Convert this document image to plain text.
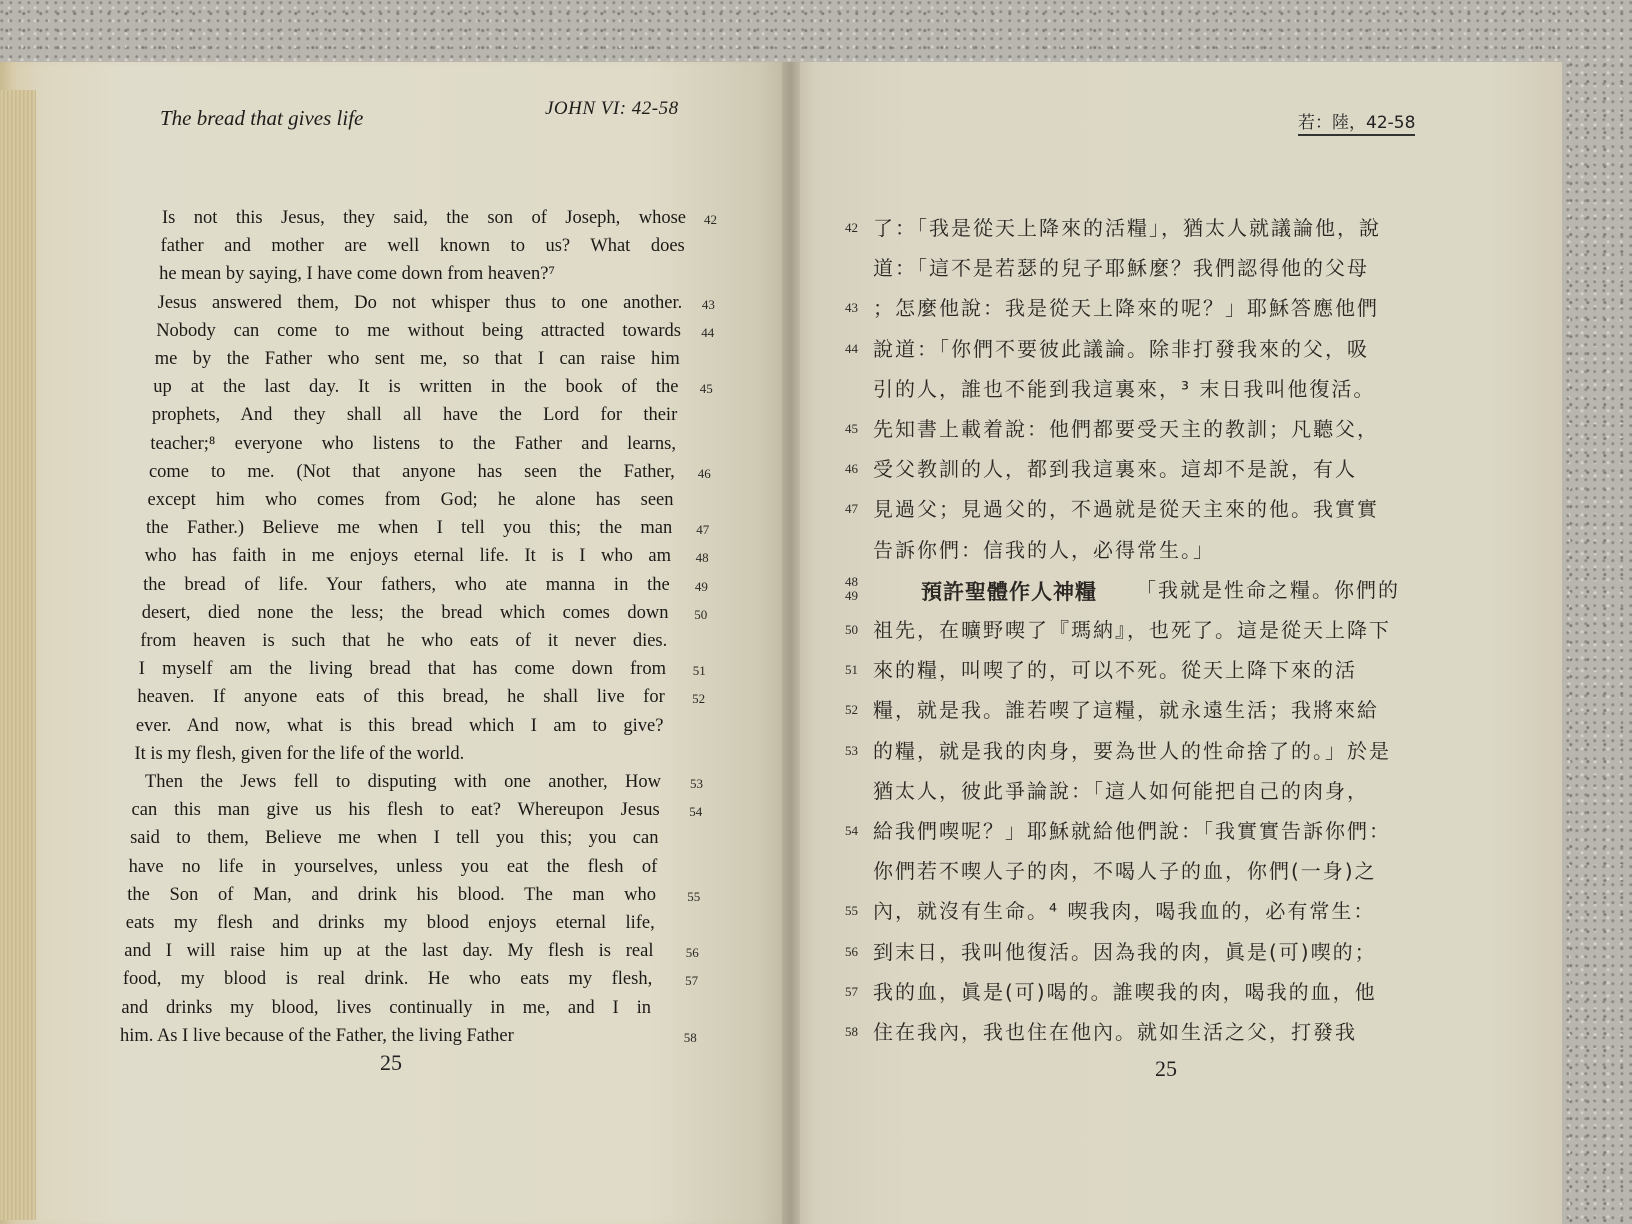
The bread that gives life	JOHN VI: 42-58
Is not this Jesus, they said, the son of Joseph, whose
father and mother are well known to us? What does
he mean by saying, I have come down from heaven?⁷
Jesus answered them, Do not whisper thus to one another.
Nobody can come to me without being attracted towards
me by the Father who sent me, so that I can raise him
up at the last day. It is written in the book of the
prophets, And they shall all have the Lord for their
teacher;⁸ everyone who listens to the Father and learns,
come to me. (Not that anyone has seen the Father,
except him who comes from God; he alone has seen
the Father.) Believe me when I tell you this; the man
who has faith in me enjoys eternal life. It is I who am
the bread of life. Your fathers, who ate manna in the
desert, died none the less; the bread which comes down
from heaven is such that he who eats of it never dies.
I myself am the living bread that has come down from
heaven. If anyone eats of this bread, he shall live for
ever. And now, what is this bread which I am to give?
It is my flesh, given for the life of the world.
Then the Jews fell to disputing with one another, How
can this man give us his flesh to eat? Whereupon Jesus
said to them, Believe me when I tell you this; you can
have no life in yourselves, unless you eat the flesh of
the Son of Man, and drink his blood. The man who
eats my flesh and drinks my blood enjoys eternal life,
and I will raise him up at the last day. My flesh is real
food, my blood is real drink. He who eats my flesh,
and drinks my blood, lives continually in me, and I in
him. As I live because of the Father, the living Father
42
43
44
45
46
47
48
49
50
51
52
53
54
55
56
57
58
25
若：陸，42-58
了：「我是從天上降來的活糧」，猶太人就議論他，說
道：「這不是若瑟的兒子耶穌麼？我們認得他的父母
；怎麼他說：我是從天上降來的呢？」耶穌答應他們
說道：「你們不要彼此議論。除非打發我來的父，吸
引的人，誰也不能到我這裏來，³ 末日我叫他復活。
先知書上載着說：他們都要受天主的教訓；凡聽父，
受父教訓的人，都到我這裏來。這却不是說，有人
見過父；見過父的，不過就是從天主來的他。我實實
告訴你們：信我的人，必得常生。」
「我就是性命之糧。你們的
祖先，在曠野喫了『瑪納』，也死了。這是從天上降下
來的糧，叫喫了的，可以不死。從天上降下來的活
糧，就是我。誰若喫了這糧，就永遠生活；我將來給
的糧，就是我的肉身，要為世人的性命捨了的。」於是
猶太人，彼此爭論說：「這人如何能把自己的肉身，
給我們喫呢？」耶穌就給他們說：「我實實告訴你們：
你們若不喫人子的肉，不喝人子的血，你們(一身)之
內，就沒有生命。⁴ 喫我肉，喝我血的，必有常生：
到末日，我叫他復活。因為我的肉，眞是(可)喫的；
我的血，眞是(可)喝的。誰喫我的肉，喝我的血，他
住在我內，我也住在他內。就如生活之父，打發我
42
43
44
45
46
47
48
49
50
51
52
53
54
55
56
57
58
預許聖體作人神糧
25
